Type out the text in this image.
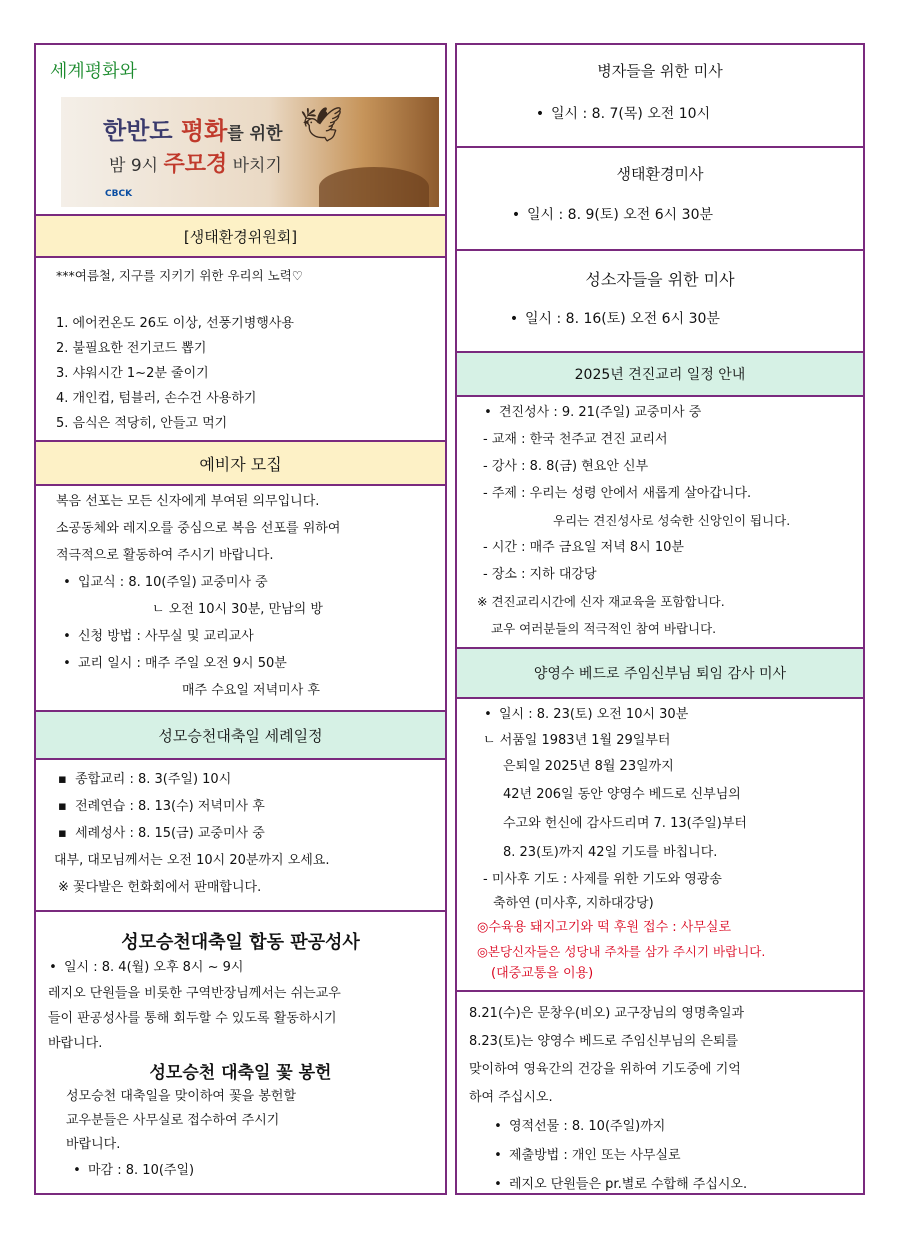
세계평화와
한반도 평화를 위한
밤 9시 주모경 바치기
🕊
CBCK
[생태환경위원회]
***여름철, 지구를 지키기 위한 우리의 노력♡
1. 에어컨온도 26도 이상, 선풍기병행사용
2. 불필요한 전기코드 뽑기
3. 샤워시간 1~2분 줄이기
4. 개인컵, 텀블러, 손수건 사용하기
5. 음식은 적당히, 안들고 먹기
예비자 모집
복음 선포는 모든 신자에게 부여된 의무입니다.
소공동체와 레지오를 중심으로 복음 선포를 위하여
적극적으로 활동하여 주시기 바랍니다.
• 입교식 : 8. 10(주일) 교중미사 중
ㄴ 오전 10시 30분, 만남의 방
• 신청 방법 : 사무실 및 교리교사
• 교리 일시 : 매주 주일 오전 9시 50분
매주 수요일 저녁미사 후
성모승천대축일 세례일정
▪  종합교리 : 8. 3(주일) 10시
▪  전례연습 : 8. 13(수) 저녁미사 후
▪  세례성사 : 8. 15(금) 교중미사 중
대부, 대모님께서는 오전 10시 20분까지 오세요.
※ 꽃다발은 헌화회에서 판매합니다.
성모승천대축일 합동 판공성사
• 일시 : 8. 4(월) 오후 8시 ~ 9시
레지오 단원들을 비롯한 구역반장님께서는 쉬는교우
들이 판공성사를 통해 회두할 수 있도록 활동하시기
바랍니다.
성모승천 대축일 꽃 봉헌
성모승천 대축일을 맞이하여 꽃을 봉헌할
교우분들은 사무실로 접수하여 주시기
바랍니다.
• 마감 : 8. 10(주일)
병자들을 위한 미사
• 일시 : 8. 7(목) 오전 10시
생태환경미사
• 일시 : 8. 9(토) 오전 6시 30분
성소자들을 위한 미사
• 일시 : 8. 16(토) 오전 6시 30분
2025년 견진교리 일정 안내
• 견진성사 : 9. 21(주일) 교중미사 중
- 교재 : 한국 천주교 견진 교리서
- 강사 : 8. 8(금) 현요안 신부
- 주제 : 우리는 성령 안에서 새롭게 살아갑니다.
우리는 견진성사로 성숙한 신앙인이 됩니다.
- 시간 : 매주 금요일 저녁 8시 10분
- 장소 : 지하 대강당
※ 견진교리시간에 신자 재교육을 포함합니다.
교우 여러분들의 적극적인 참여 바랍니다.
양영수 베드로 주임신부님 퇴임 감사 미사
• 일시 : 8. 23(토) 오전 10시 30분
ㄴ 서품일 1983년 1월 29일부터
은퇴일 2025년 8월 23일까지
42년 206일 동안 양영수 베드로 신부님의
수고와 헌신에 감사드리며 7. 13(주일)부터
8. 23(토)까지 42일 기도를 바칩니다.
- 미사후 기도 : 사제를 위한 기도와 영광송
축하연 (미사후, 지하대강당)
◎수육용 돼지고기와 떡 후원 접수 : 사무실로
◎본당신자들은 성당내 주차를 삼가 주시기 바랍니다.
(대중교통을 이용)
8.21(수)은 문창우(비오) 교구장님의 영명축일과
8.23(토)는 양영수 베드로 주임신부님의 은퇴를
맞이하여 영육간의 건강을 위하여 기도중에 기억
하여 주십시오.
• 영적선물 : 8. 10(주일)까지
• 제출방법 : 개인 또는 사무실로
• 레지오 단원들은 pr.별로 수합해 주십시오.
